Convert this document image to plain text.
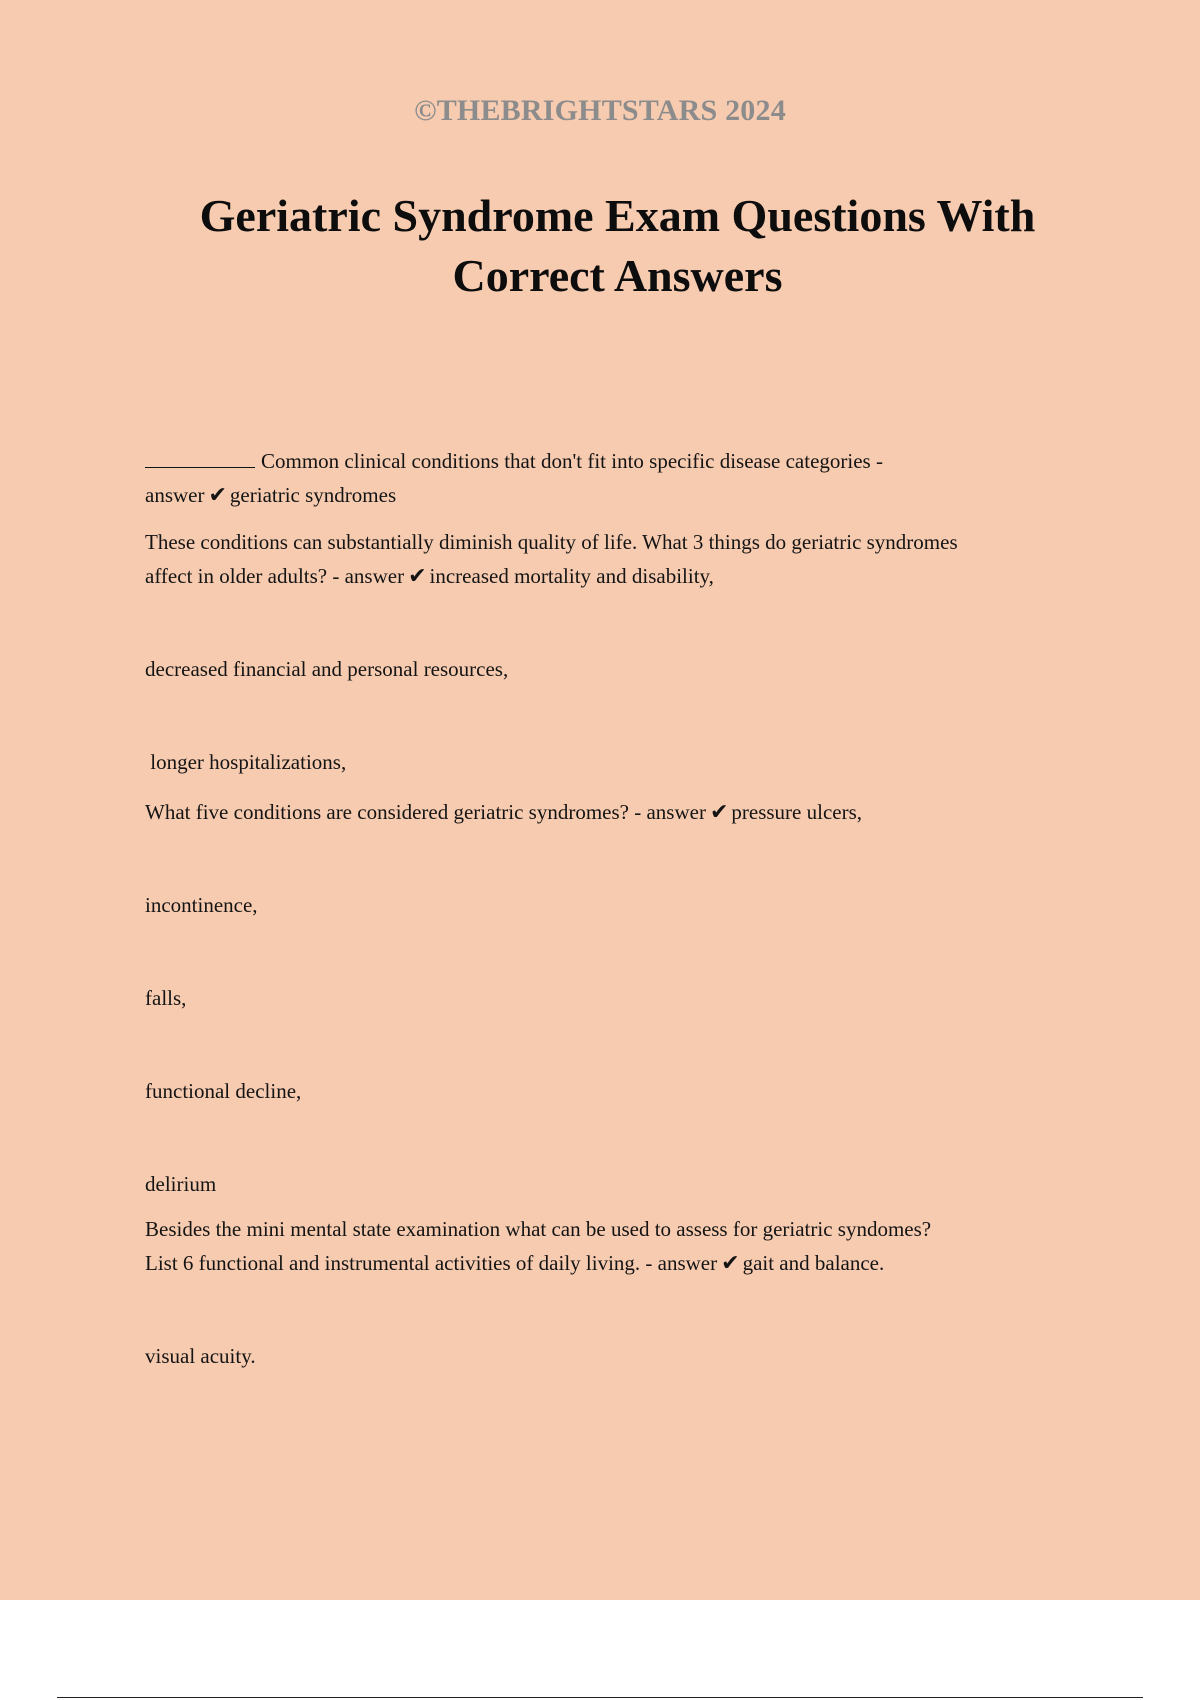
©THEBRIGHTSTARS 2024
Geriatric Syndrome Exam Questions With Correct Answers

Common clinical conditions that don't fit into specific disease categories -

answer ✔ geriatric syndromes

These conditions can substantially diminish quality of life. What 3 things do geriatric syndromes

affect in older adults? - answer ✔ increased mortality and disability,

decreased financial and personal resources,

longer hospitalizations,

What five conditions are considered geriatric syndromes? - answer ✔ pressure ulcers,

incontinence,

falls,

functional decline,

delirium

Besides the mini mental state examination what can be used to assess for geriatric syndomes?

List 6 functional and instrumental activities of daily living. - answer ✔ gait and balance.

visual acuity.
